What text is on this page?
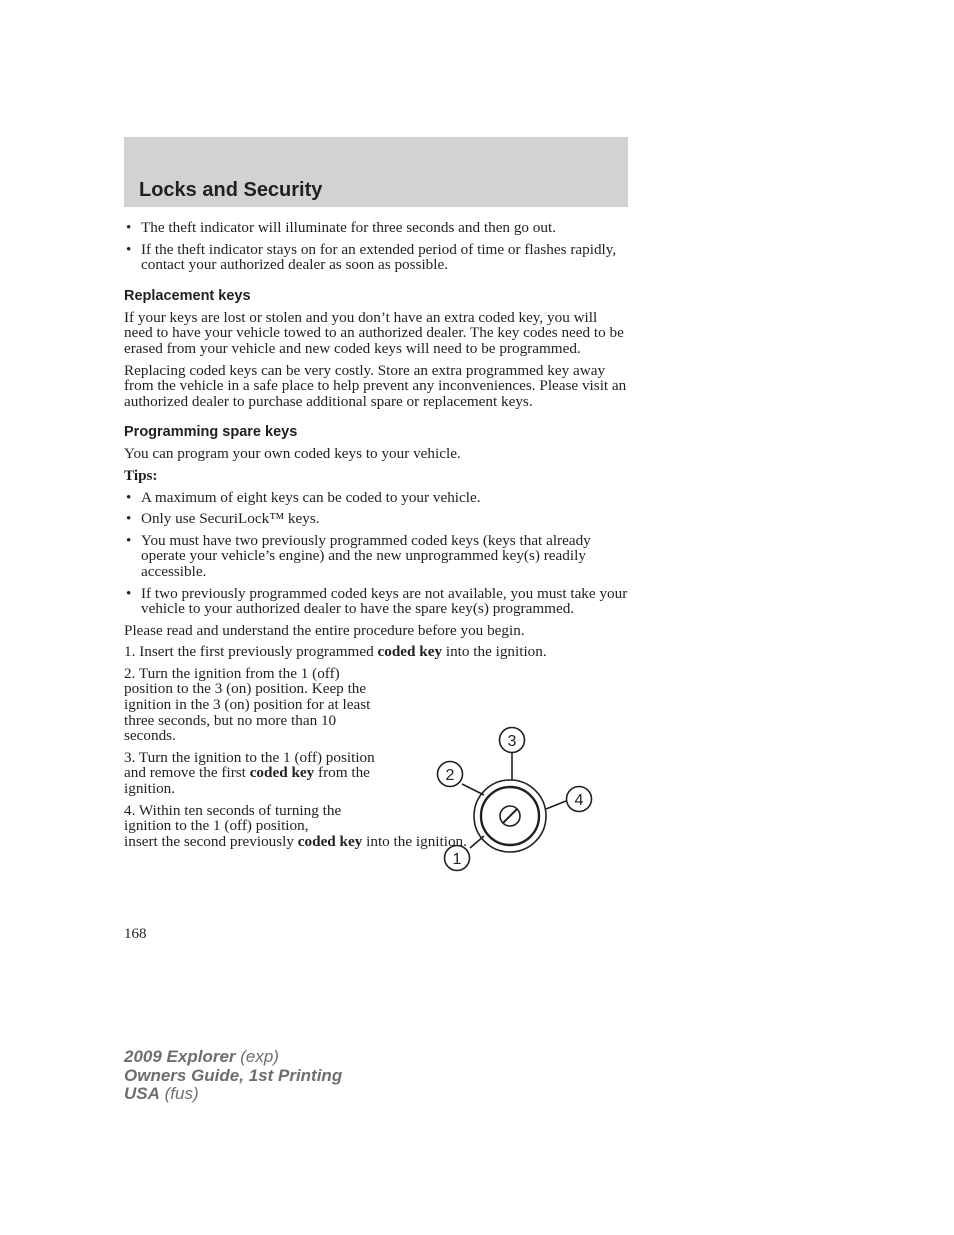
Locks and Security
• The theft indicator will illuminate for three seconds and then go out.
• If the theft indicator stays on for an extended period of time or flashes rapidly, contact your authorized dealer as soon as possible.
Replacement keys

If your keys are lost or stolen and you don’t have an extra coded key, you will need to have your vehicle towed to an authorized dealer. The key codes need to be erased from your vehicle and new coded keys will need to be programmed.

Replacing coded keys can be very costly. Store an extra programmed key away from the vehicle in a safe place to help prevent any inconveniences. Please visit an authorized dealer to purchase additional spare or replacement keys.

Programming spare keys

You can program your own coded keys to your vehicle.

Tips:

• A maximum of eight keys can be coded to your vehicle.
• Only use SecuriLock™ keys.
• You must have two previously programmed coded keys (keys that already operate your vehicle’s engine) and the new unprogrammed key(s) readily accessible.
• If two previously programmed coded keys are not available, you must take your vehicle to your authorized dealer to have the spare key(s) programmed.

Please read and understand the entire procedure before you begin.

1. Insert the first previously programmed coded key into the ignition.

2. Turn the ignition from the 1 (off) position to the 3 (on) position. Keep the ignition in the 3 (on) position for at least three seconds, but no more than 10 seconds.

3. Turn the ignition to the 1 (off) position and remove the first coded key from the ignition.

4. Within ten seconds of turning the ignition to the 1 (off) position,
insert the second previously coded key into the ignition.

3
2
4
1
168
2009 Explorer (exp)
Owners Guide, 1st Printing
USA (fus)
